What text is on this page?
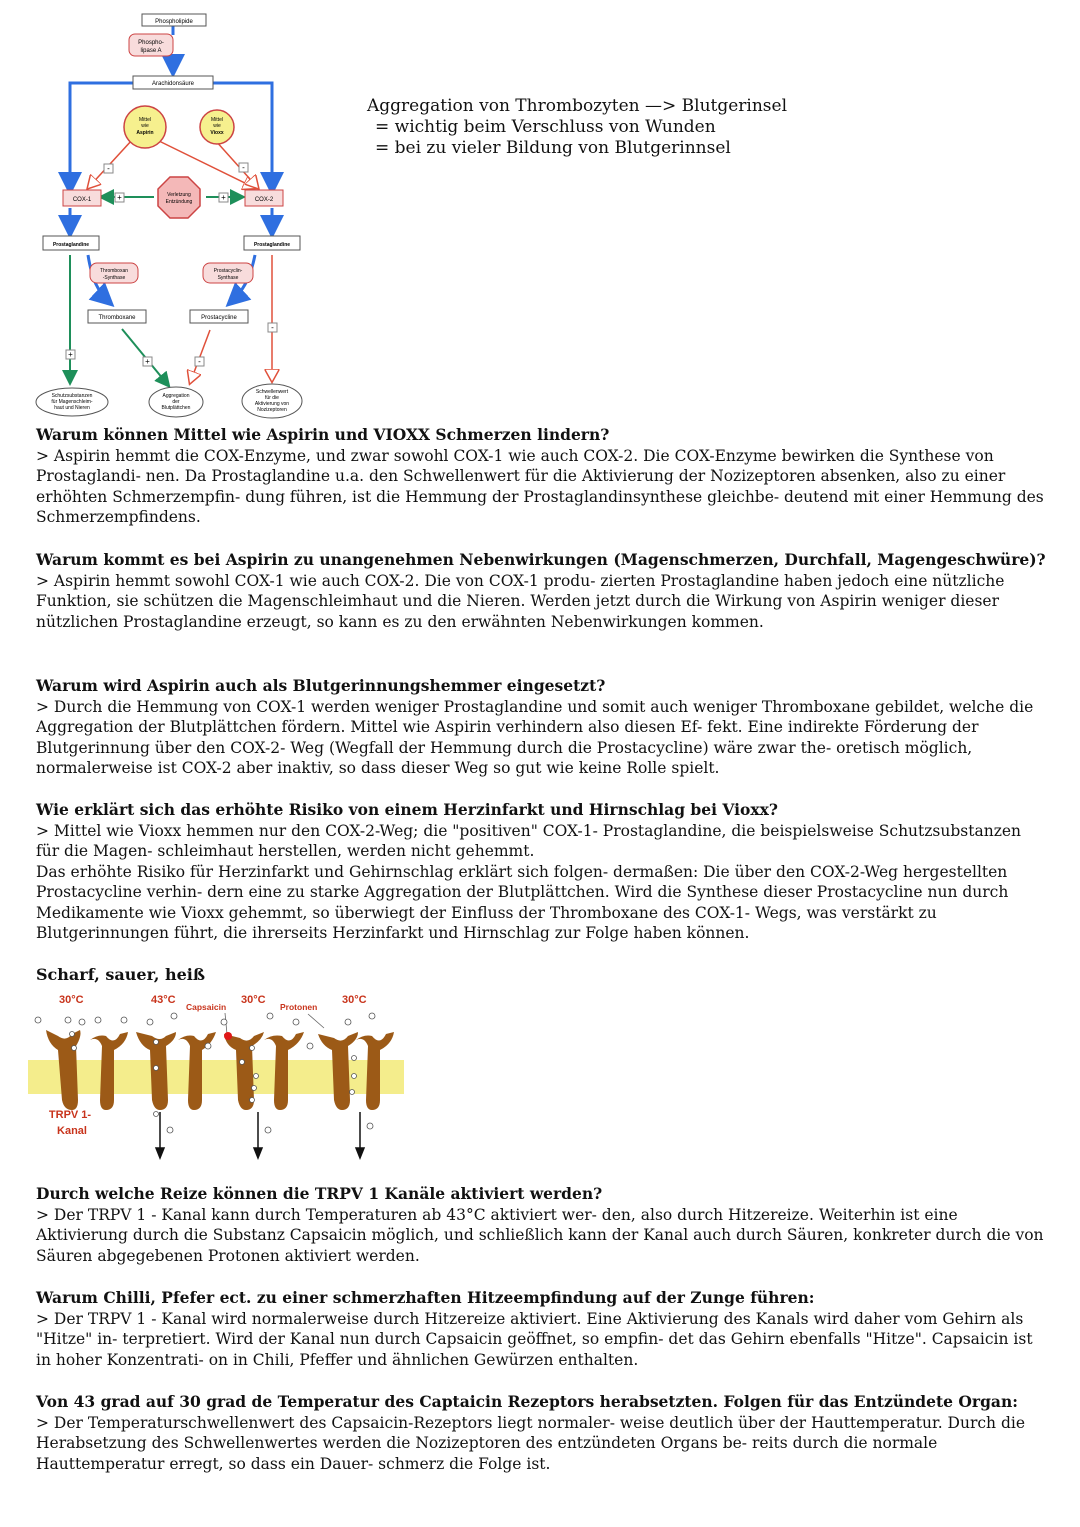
-	-
+	+
+
+	-
-
Phospholipide
Phospho-
lipase A
Arachidonsäure
Mittel
wie
Aspirin
Mittel
wie
Vioxx
Verletzung
Entzündung
COX-1	COX-2
Prostaglandine	Prostaglandine
Thromboxan
-Synthase
Prostacyclin-
Synthase
Thromboxane	Prostacycline
Schutzsubstanzen
für Magenschleim-
haut und Nieren
Aggregation
der
Blutplättchen
Schwellenwert
für die
Aktivierung von
Nozizeptoren
Aggregation von Thrombozyten —> Blutgerinsel
= wichtig beim Verschluss von Wunden
= bei zu vieler Bildung von Blutgerinnsel

Warum können Mittel wie Aspirin und VIOXX Schmerzen lindern?

> Aspirin hemmt die COX-Enzyme, und zwar sowohl COX-1 wie auch COX-2. Die COX-Enzyme bewirken die Synthese von Prostaglandi- nen. Da Prostaglandine u.a. den Schwellenwert für die Aktivierung der Nozizeptoren absenken, also zu einer erhöhten Schmerzempfin- dung führen, ist die Hemmung der Prostaglandinsynthese gleichbe- deutend mit einer Hemmung des Schmerzempfindens.

Warum kommt es bei Aspirin zu unangenehmen Nebenwirkungen (Magenschmerzen, Durchfall, Magengeschwüre)?

> Aspirin hemmt sowohl COX-1 wie auch COX-2. Die von COX-1 produ- zierten Prostaglandine haben jedoch eine nützliche Funktion, sie schützen die Magenschleimhaut und die Nieren. Werden jetzt durch die Wirkung von Aspirin weniger dieser nützlichen Prostaglandine erzeugt, so kann es zu den erwähnten Nebenwirkungen kommen.

Warum wird Aspirin auch als Blutgerinnungshemmer eingesetzt?

> Durch die Hemmung von COX-1 werden weniger Prostaglandine und somit auch weniger Thromboxane gebildet, welche die Aggregation der Blutplättchen fördern. Mittel wie Aspirin verhindern also diesen Ef- fekt. Eine indirekte Förderung der Blutgerinnung über den COX-2- Weg (Wegfall der Hemmung durch die Prostacycline) wäre zwar the- oretisch möglich, normalerweise ist COX-2 aber inaktiv, so dass dieser Weg so gut wie keine Rolle spielt.

Wie erklärt sich das erhöhte Risiko von einem Herzinfarkt und Hirnschlag bei Vioxx?

> Mittel wie Vioxx hemmen nur den COX-2-Weg; die "positiven" COX-1- Prostaglandine, die beispielsweise Schutzsubstanzen für die Magen- schleimhaut herstellen, werden nicht gehemmt.

Das erhöhte Risiko für Herzinfarkt und Gehirnschlag erklärt sich folgen- dermaßen: Die über den COX-2-Weg hergestellten Prostacycline verhin- dern eine zu starke Aggregation der Blutplättchen. Wird die Synthese dieser Prostacycline nun durch Medikamente wie Vioxx gehemmt, so überwiegt der Einfluss der Thromboxane des COX-1- Wegs, was verstärkt zu Blutgerinnungen führt, die ihrerseits Herzinfarkt und Hirnschlag zur Folge haben können.

Scharf, sauer, heiß
30°C	43°C	30°C	30°C
Capsaicin	Protonen
TRPV 1-
Kanal

Durch welche Reize können die TRPV 1 Kanäle aktiviert werden?

> Der TRPV 1 - Kanal kann durch Temperaturen ab 43°C aktiviert wer- den, also durch Hitzereize. Weiterhin ist eine Aktivierung durch die Substanz Capsaicin möglich, und schließlich kann der Kanal auch durch Säuren, konkreter durch die von Säuren abgegebenen Protonen aktiviert werden.

Warum Chilli, Pfefer ect. zu einer schmerzhaften Hitzeempfindung auf der Zunge führen:

> Der TRPV 1 - Kanal wird normalerweise durch Hitzereize aktiviert. Eine Aktivierung des Kanals wird daher vom Gehirn als "Hitze" in- terpretiert. Wird der Kanal nun durch Capsaicin geöffnet, so empfin- det das Gehirn ebenfalls "Hitze". Capsaicin ist in hoher Konzentrati- on in Chili, Pfeffer und ähnlichen Gewürzen enthalten.

Von 43 grad auf 30 grad de Temperatur des Captaicin Rezeptors herabsetzten. Folgen für das Entzündete Organ:

> Der Temperaturschwellenwert des Capsaicin-Rezeptors liegt normaler- weise deutlich über der Hauttemperatur. Durch die Herabsetzung des Schwellenwertes werden die Nozizeptoren des entzündeten Organs be- reits durch die normale Hauttemperatur erregt, so dass ein Dauer- schmerz die Folge ist.
